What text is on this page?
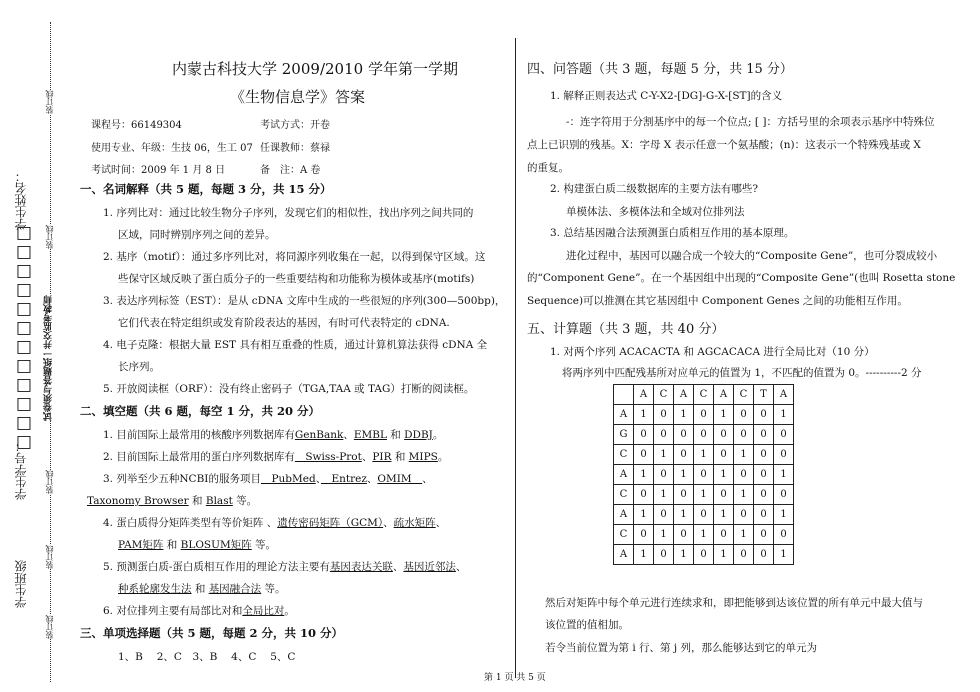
学生班级
学生学号：
□□□□□□□□□□□□
学生姓名：
装订线
装订线
试卷须与答题纸一并交监考教师
装订线
装订线
装订线
内蒙古科技大学 2009/2010 学年第一学期
《生物信息学》答案
课程号：66149304	考试方式：开卷
使用专业、年级：生技 06，生工 07 任课教师：蔡禄
考试时间：2009 年 1 月 8 日	备　注：A 卷
一、名词解释（共 5 题，每题 3 分，共 15 分）
1. 序列比对：通过比较生物分子序列，发现它们的相似性，找出序列之间共同的
区域，同时辨别序列之间的差异。
2. 基序（motif）：通过多序列比对，将同源序列收集在一起，以得到保守区域。这
些保守区域反映了蛋白质分子的一些重要结构和功能称为模体或基序(motifs)
3. 表达序列标签（EST）：是从 cDNA 文库中生成的一些很短的序列(300—500bp)，
它们代表在特定组织或发育阶段表达的基因，有时可代表特定的 cDNA.
4. 电子克隆：根据大量 EST 具有相互重叠的性质，通过计算机算法获得 cDNA 全
长序列。
5. 开放阅读框（ORF）：没有终止密码子（TGA,TAA 或 TAG）打断的阅读框。
二、填空题（共 6 题，每空 1 分，共 20 分）
1. 目前国际上最常用的核酸序列数据库有GenBank、EMBL 和 DDBJ。
2. 目前国际上最常用的蛋白序列数据库有　Swiss-Prot、PIR 和 MIPS。
3. 列举至少五种NCBI的服务项目　PubMed、　Entrez、OMIM　、
Taxonomy Browser 和 Blast 等。
4. 蛋白质得分矩阵类型有等价矩阵 、遗传密码矩阵（GCM）、疏水矩阵、
PAM矩阵 和 BLOSUM矩阵 等。
5. 预测蛋白质-蛋白质相互作用的理论方法主要有基因表达关联、基因近邻法、
种系轮廓发生法 和 基因融合法 等。
6. 对位排列主要有局部比对和全局比对。
三、单项选择题（共 5 题，每题 2 分，共 10 分）
1、B　 2、C　3、B　 4、C　 5、C
四、问答题（共 3 题，每题 5 分，共 15 分）
1. 解释正则表达式 C-Y-X2-[DG]-G-X-[ST]的含义
-：连字符用于分割基序中的每一个位点; [ ]：方括号里的余项表示基序中特殊位
点上已识别的残基。X：字母 X 表示任意一个氨基酸；(n)：这表示一个特殊残基或 X
的重复。
2. 构建蛋白质二级数据库的主要方法有哪些?
单模体法、多模体法和全域对位排列法
3. 总结基因融合法预测蛋白质相互作用的基本原理。
进化过程中，基因可以融合成一个较大的“Composite Gene”，也可分裂成较小
的“Component Gene”。在一个基因组中出现的“Composite Gene”(也叫 Rosetta stone
Sequence)可以推测在其它基因组中 Component Genes 之间的功能相互作用。
五、计算题（共 3 题，共 40 分）
1. 对两个序列 ACACACTA 和 AGCACACA 进行全局比对（10 分）
将两序列中匹配残基所对应单元的值置为 1，不匹配的值置为 0。----------2 分
	A	C	A	C	A	C	T	A
A	1	0	1	0	1	0	0	1
G	0	0	0	0	0	0	0	0
C	0	1	0	1	0	1	0	0
A	1	0	1	0	1	0	0	1
C	0	1	0	1	0	1	0	0
A	1	0	1	0	1	0	0	1
C	0	1	0	1	0	1	0	0
A	1	0	1	0	1	0	0	1
然后对矩阵中每个单元进行连续求和，即把能够到达该位置的所有单元中最大值与
该位置的值相加。
若令当前位置为第 i 行、第 j 列，那么能够达到它的单元为
第 1 页 共 5 页
